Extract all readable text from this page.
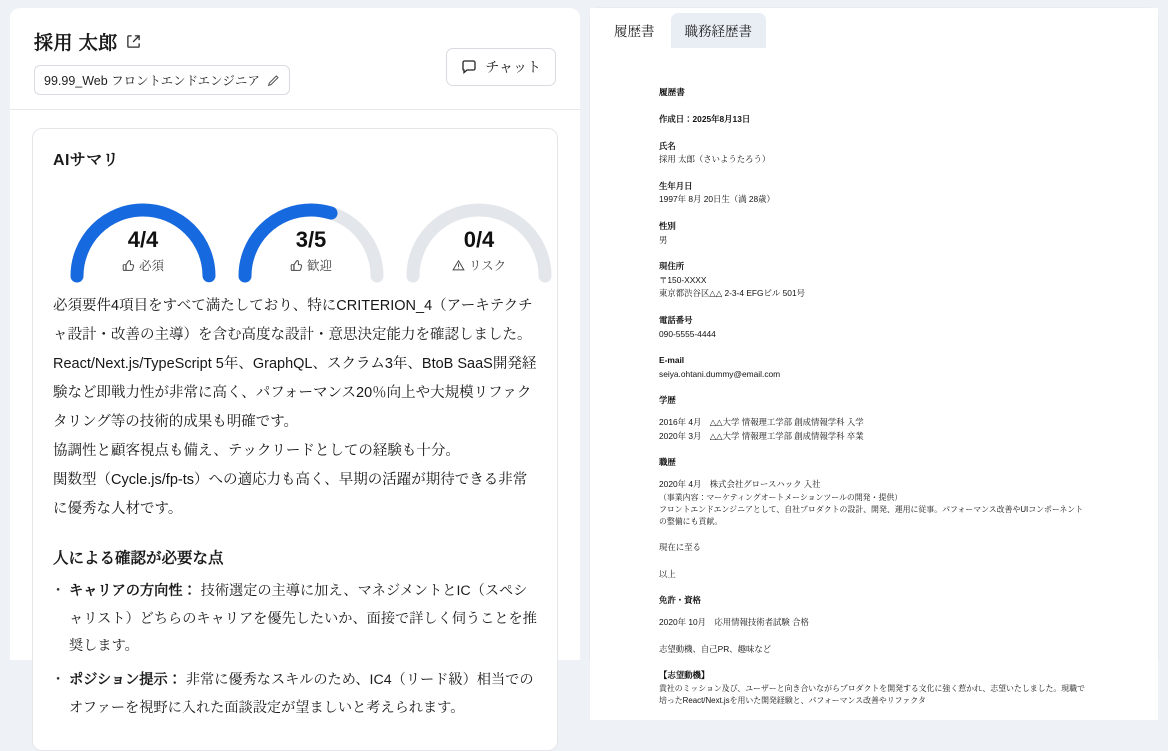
採用 太郎
99.99_Web フロントエンドエンジニア
チャット
AIサマリ
4/4
必須
3/5
歓迎
0/4
リスク

必須要件4項目をすべて満たしており、特にCRITERION_4（アーキテクチャ設計・改善の主導）を含む高度な設計・意思決定能力を確認しました。

React/Next.js/TypeScript 5年、GraphQL、スクラム3年、BtoB SaaS開発経験など即戦力性が非常に高く、パフォーマンス20％向上や大規模リファクタリング等の技術的成果も明確です。

協調性と顧客視点も備え、テックリードとしての経験も十分。

関数型（Cycle.js/fp-ts）への適応力も高く、早期の活躍が期待できる非常に優秀な人材です。

人による確認が必要な点
・ キャリアの方向性： 技術選定の主導に加え、マネジメントとIC（スペシャリスト）どちらのキャリアを優先したいか、面接で詳しく伺うことを推奨します。
・ ポジション提示： 非常に優秀なスキルのため、IC4（リード級）相当でのオファーを視野に入れた面談設定が望ましいと考えられます。
履歴書	職務経歴書
履歴書
作成日：2025年8月13日
氏名
採用 太郎（さいようたろう）
生年月日
1997年 8月 20日生（満 28歳）
性別
男
現住所
〒150-XXXX
東京都渋谷区△△ 2-3-4 EFGビル 501号
電話番号
090-5555-4444
E-mail
seiya.ohtani.dummy@email.com
学歴
2016年 4月　△△大学 情報理工学部 創成情報学科 入学
2020年 3月　△△大学 情報理工学部 創成情報学科 卒業
職歴
2020年 4月　株式会社グロースハック 入社
（事業内容：マーケティングオートメーションツールの開発・提供）
フロントエンドエンジニアとして、自社プロダクトの設計、開発、運用に従事。パフォーマンス改善やUIコンポーネントの整備にも貢献。
現在に至る
以上
免許・資格
2020年 10月　応用情報技術者試験 合格
志望動機、自己PR、趣味など
【志望動機】
貴社のミッション及び、ユーザーと向き合いながらプロダクトを開発する文化に強く惹かれ、志望いたしました。現職で培ったReact/Next.jsを用いた開発経験と、パフォーマンス改善やリファクタ
